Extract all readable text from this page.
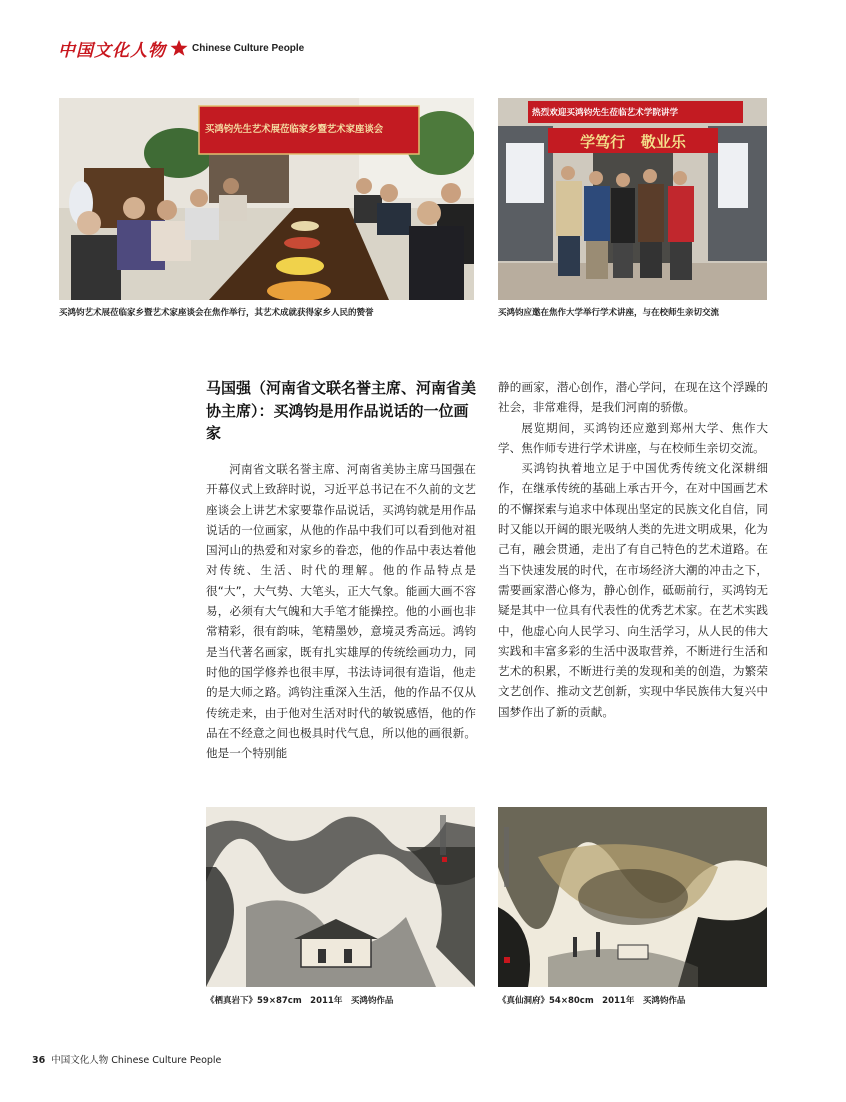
中国文化人物	Chinese Culture People
买鸿钧先生艺术展莅临家乡暨艺术家座谈会
买鸿钧艺术展莅临家乡暨艺术家座谈会在焦作举行，其艺术成就获得家乡人民的赞誉
热烈欢迎买鸿钧先生莅临艺术学院讲学
学笃行   敬业乐
买鸿钧应邀在焦作大学举行学术讲座，与在校师生亲切交流
马国强（河南省文联名誉主席、河南省美协主席）：买鸿钧是用作品说话的一位画家

河南省文联名誉主席、河南省美协主席马国强在开幕仪式上致辞时说，习近平总书记在不久前的文艺座谈会上讲艺术家要靠作品说话，买鸿钧就是用作品说话的一位画家，从他的作品中我们可以看到他对祖国河山的热爱和对家乡的眷恋，他的作品中表达着他对传统、生活、时代的理解。他的作品特点是很“大”，大气势、大笔头，正大气象。能画大画不容易，必须有大气魄和大手笔才能操控。他的小画也非常精彩，很有韵味，笔精墨妙，意境灵秀高远。鸿钧是当代著名画家，既有扎实雄厚的传统绘画功力，同时他的国学修养也很丰厚，书法诗词很有造诣，他走的是大师之路。鸿钧注重深入生活，他的作品不仅从传统走来，由于他对生活对时代的敏锐感悟，他的作品在不经意之间也极具时代气息，所以他的画很新。他是一个特别能

静的画家，潜心创作，潜心学问，在现在这个浮躁的社会，非常难得，是我们河南的骄傲。

展览期间，买鸿钧还应邀到郑州大学、焦作大学、焦作师专进行学术讲座，与在校师生亲切交流。

买鸿钧执着地立足于中国优秀传统文化深耕细作，在继承传统的基础上承古开今，在对中国画艺术的不懈探索与追求中体现出坚定的民族文化自信，同时又能以开阔的眼光吸纳人类的先进文明成果，化为己有，融会贯通，走出了有自己特色的艺术道路。在当下快速发展的时代，在市场经济大潮的冲击之下，需要画家潜心修为，静心创作，砥砺前行，买鸿钧无疑是其中一位具有代表性的优秀艺术家。在艺术实践中，他虚心向人民学习、向生活学习，从人民的伟大实践和丰富多彩的生活中汲取营养，不断进行生活和艺术的积累，不断进行美的发现和美的创造，为繁荣文艺创作、推动文艺创新，实现中华民族伟大复兴中国梦作出了新的贡献。

《栖真岩下》59×87cm　2011年　买鸿钧作品	《真仙洞府》54×80cm　2011年　买鸿钧作品
36 中国文化人物 Chinese Culture People
